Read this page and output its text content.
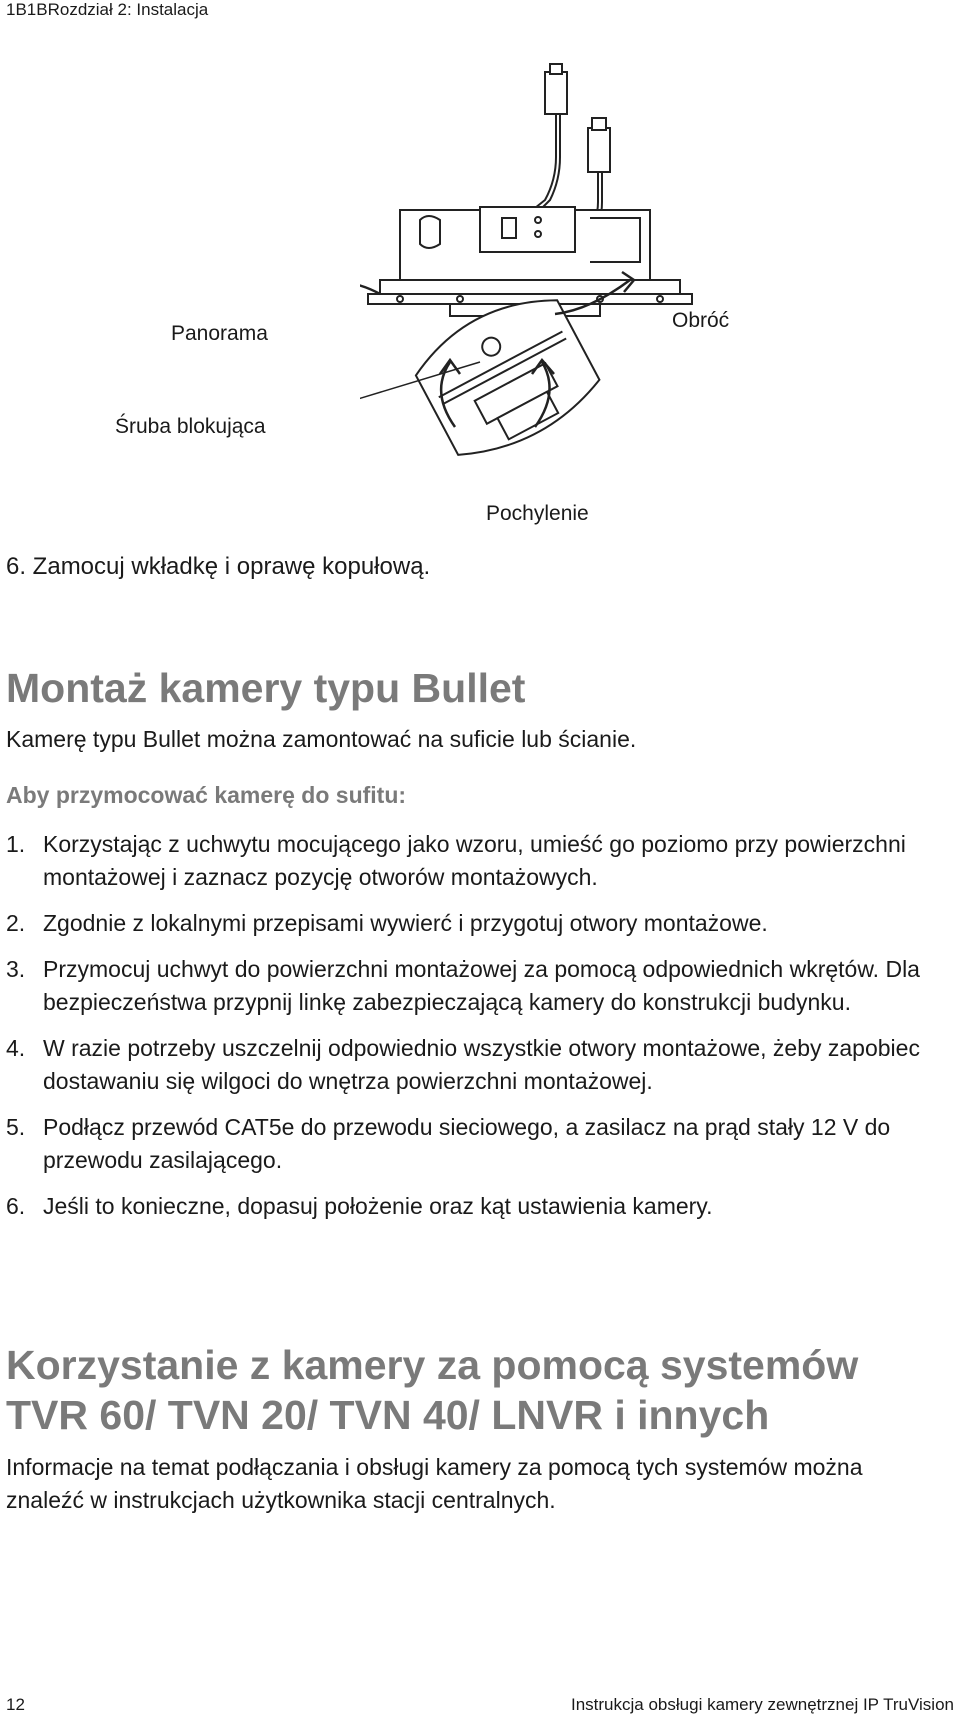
1B1BRozdział 2: Instalacja
Panorama
Obróć
Śruba blokująca
Pochylenie
6. Zamocuj wkładkę i oprawę kopułową.
Montaż kamery typu Bullet
Kamerę typu Bullet można zamontować na suficie lub ścianie.
Aby przymocować kamerę do sufitu:
1. Korzystając z uchwytu mocującego jako wzoru, umieść go poziomo przy powierzchni montażowej i zaznacz pozycję otworów montażowych.
2. Zgodnie z lokalnymi przepisami wywierć i przygotuj otwory montażowe.
3. Przymocuj uchwyt do powierzchni montażowej za pomocą odpowiednich wkrętów. Dla bezpieczeństwa przypnij linkę zabezpieczającą kamery do konstrukcji budynku.
4. W razie potrzeby uszczelnij odpowiednio wszystkie otwory montażowe, żeby zapobiec dostawaniu się wilgoci do wnętrza powierzchni montażowej.
5. Podłącz przewód CAT5e do przewodu sieciowego, a zasilacz na prąd stały 12 V do przewodu zasilającego.
6. Jeśli to konieczne, dopasuj położenie oraz kąt ustawienia kamery.
Korzystanie z kamery za pomocą systemów TVR 60/ TVN 20/ TVN 40/ LNVR i innych
Informacje na temat podłączania i obsługi kamery za pomocą tych systemów można znaleźć w instrukcjach użytkownika stacji centralnych.
12	Instrukcja obsługi kamery zewnętrznej IP TruVision
